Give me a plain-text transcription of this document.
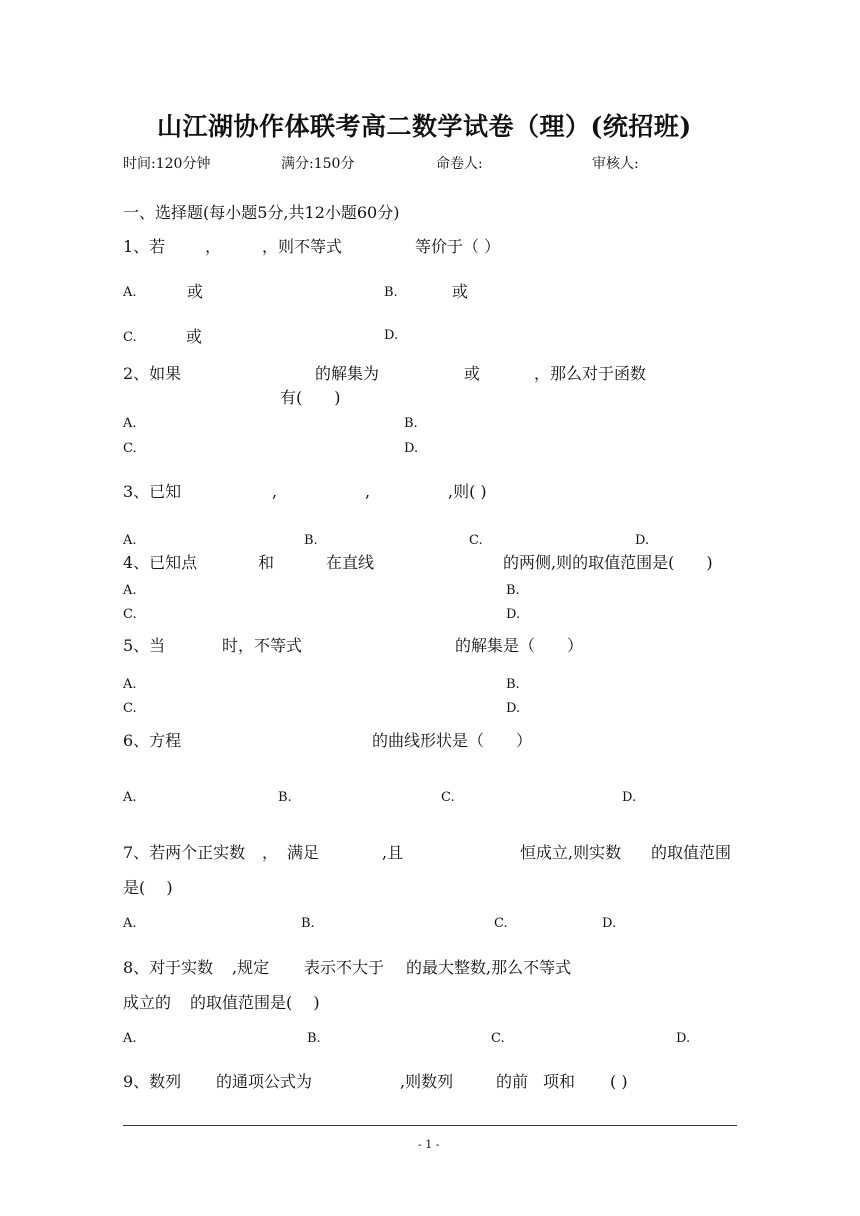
山江湖协作体联考高二数学试卷（理）(统招班)
时间:120分钟	满分:150分	命卷人:	审核人:
一、选择题(每小题5分,共12小题60分)
1、若 ，	，则不等式	等价于（ ）
A.	或	B.	或
C.	或	D.
2、如果	的解集为	或	，那么对于函数
有(　　)
A.	B.
C.	D.
3、已知	,	,	,则( )
A.	B.	C.	D.
4、已知点	和	在直线	的两侧,则的取值范围是(　　)
A.	B.
C.	D.
5、当	时，不等式	的解集是（　　）
A.	B.
C.	D.
6、方程	的曲线形状是（　　）
A.	B.	C.	D.
7、若两个正实数 ， 满足	,且	恒成立,则实数 的取值范围
是(　 )
A.	B.	C.	D.
8、对于实数 ,规定 表示不大于 的最大整数,那么不等式
成立的 的取值范围是(　 )
A.	B.	C.	D.
9、数列 的通项公式为	,则数列	的前 项和 ( )
- 1 -
